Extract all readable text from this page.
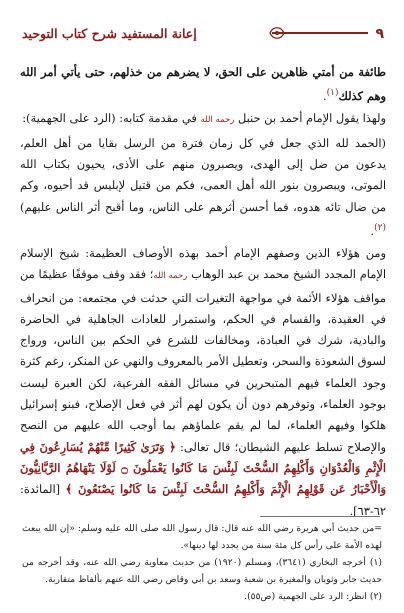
٩
إعانة المستفيد شرح كتاب التوحيد

طائفة من أمتي ظاهرين على الحق، لا يضرهم من خذلهم، حتى يأتي أمر الله وهم كذلك$^{(١)}$.

ولهذا يقول الإمام أحمد بن حنبل رحمه الله في مقدمة كتابه: (الرد على الجهمية):

(الحمد لله الذي جعل في كل زمان فترة من الرسل بقايا من أهل العلم، يدعون من ضل إلى الهدى، ويصبرون منهم على الأذى، يحيون بكتاب الله الموتى، ويبصرون بنور الله أهل العمى، فكم من قتيل لإبليس قد أحيوه، وكم من ضال تائه هدوه، فما أحسن أثرهم على الناس، وما أقبح أثر الناس عليهم)$^{(٢)}$.

ومن هؤلاء الذين وصفهم الإمام أحمد بهذه الأوصاف العظيمة: شيخ الإسلام الإمام المجدد الشيخ محمد بن عبد الوهاب رحمه الله؛ فقد وقف موقفًا عظيمًا من مواقف هؤلاء الأئمة في مواجهة التغيرات التي حدثت في مجتمعه: من انحراف في العقيدة، والقسام في الحكم، واستمرار للعادات الجاهلية في الحاضرة والبادية، شرك في العبادة، ومخالفات للشرع في الحكم بين الناس، ورواج لسوق الشعوذة والسحر، وتعطيل الأمر بالمعروف والنهي عن المنكر، رغم كثرة وجود العلماء فيهم المتبحرين في مسائل الفقه الفرعية، لكن العبرة ليست بوجود العلماء، وتوفرهم دون أن يكون لهم أثر في فعل الإصلاح، فبنو إسرائيل هلكوا وفيهم العلماء، لما لم يقم علماؤهم بما أوجب الله عليهم من النصح والإصلاح تسلط عليهم الشيطان؛ قال تعالى: ﴿ وَتَرَىٰ كَثِيرًا مِّنْهُمْ يُسَارِعُونَ فِي الْإِثْمِ وَالْعُدْوَانِ وَأَكْلِهِمُ السُّحْتَ لَبِئْسَ مَا كَانُوا يَعْمَلُونَ ۝ لَوْلَا يَنْهَاهُمُ الرَّبَّانِيُّونَ وَالْأَحْبَارُ عَن قَوْلِهِمُ الْإِثْمَ وَأَكْلِهِمُ السُّحْتَ لَبِئْسَ مَا كَانُوا يَصْنَعُونَ ﴾ [المائدة: ٦٢-٦٣].

=من حديث أبي هريرة رضي الله عنه قال: قال رسول الله صلى الله عليه وسلم: «إن الله يبعث لهذه الأمة على رأس كل مئة سنة من يجدد لها دينها».

(١) أخرجه البخاري (٣٦٤١)، ومسلم (١٩٢٠) من حديث معاوية رضي الله عنه، وقد أخرجه من حديث جابر وثوبان والمغيرة بن شعبة وسعد بن أبي وقاص رضي الله عنهم بألفاظ متقاربة.

(٢) انظر: الرد على الجهمية (ص٥٥).
